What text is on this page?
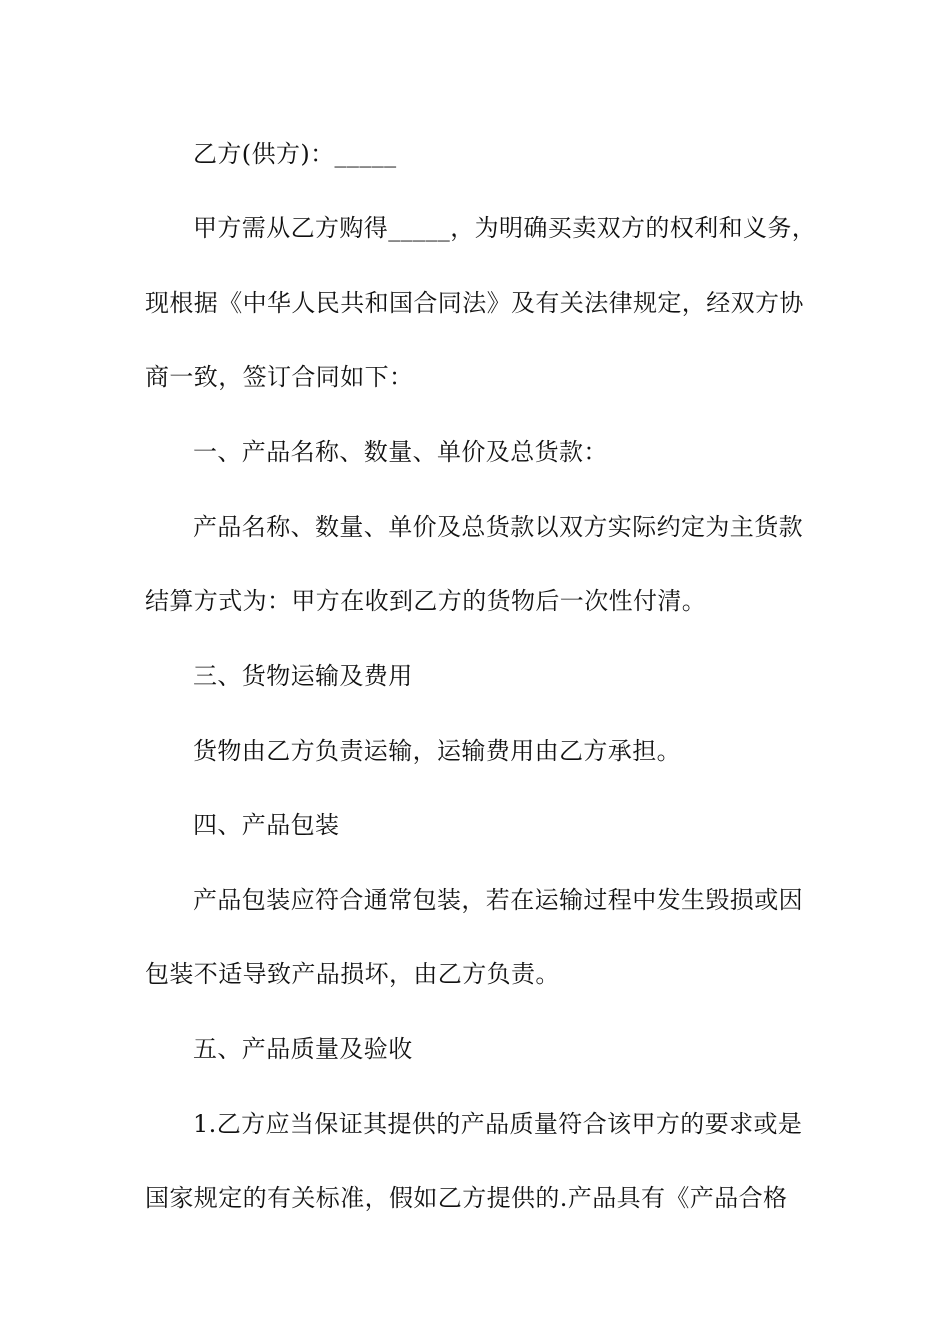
乙方(供方)：_____
甲方需从乙方购得_____，为明确买卖双方的权利和义务，
现根据《中华人民共和国合同法》及有关法律规定，经双方协
商一致，签订合同如下：
一、产品名称、数量、单价及总货款：
产品名称、数量、单价及总货款以双方实际约定为主货款
结算方式为：甲方在收到乙方的货物后一次性付清。
三、货物运输及费用
货物由乙方负责运输，运输费用由乙方承担。
四、产品包装
产品包装应符合通常包装，若在运输过程中发生毁损或因
包装不适导致产品损坏，由乙方负责。
五、产品质量及验收
1.乙方应当保证其提供的产品质量符合该甲方的要求或是
国家规定的有关标准，假如乙方提供的.产品具有《产品合格
